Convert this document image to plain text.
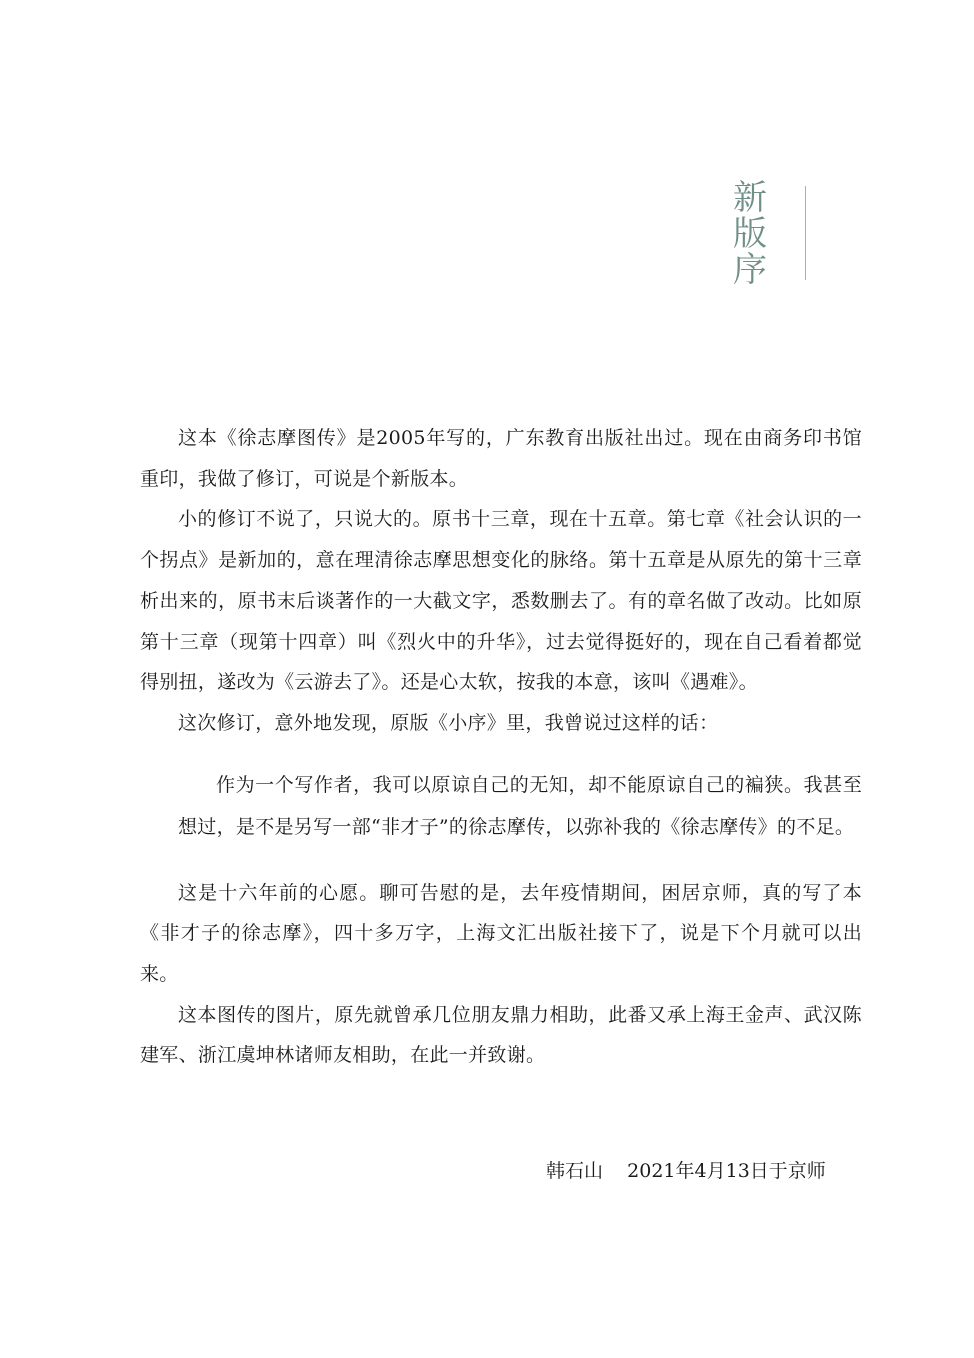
新
版
序

这本《徐志摩图传》是2005年写的，广东教育出版社出过。现在由商务印书馆重印，我做了修订，可说是个新版本。

小的修订不说了，只说大的。原书十三章，现在十五章。第七章《社会认识的一个拐点》是新加的，意在理清徐志摩思想变化的脉络。第十五章是从原先的第十三章析出来的，原书末后谈著作的一大截文字，悉数删去了。有的章名做了改动。比如原第十三章（现第十四章）叫《烈火中的升华》，过去觉得挺好的，现在自己看着都觉得别扭，遂改为《云游去了》。还是心太软，按我的本意，该叫《遇难》。

这次修订，意外地发现，原版《小序》里，我曾说过这样的话：

作为一个写作者，我可以原谅自己的无知，却不能原谅自己的褊狭。我甚至想过，是不是另写一部“非才子”的徐志摩传，以弥补我的《徐志摩传》的不足。

这是十六年前的心愿。聊可告慰的是，去年疫情期间，困居京师，真的写了本《非才子的徐志摩》，四十多万字，上海文汇出版社接下了，说是下个月就可以出来。

这本图传的图片，原先就曾承几位朋友鼎力相助，此番又承上海王金声、武汉陈建军、浙江虞坤林诸师友相助，在此一并致谢。

韩石山    2021年4月13日于京师
